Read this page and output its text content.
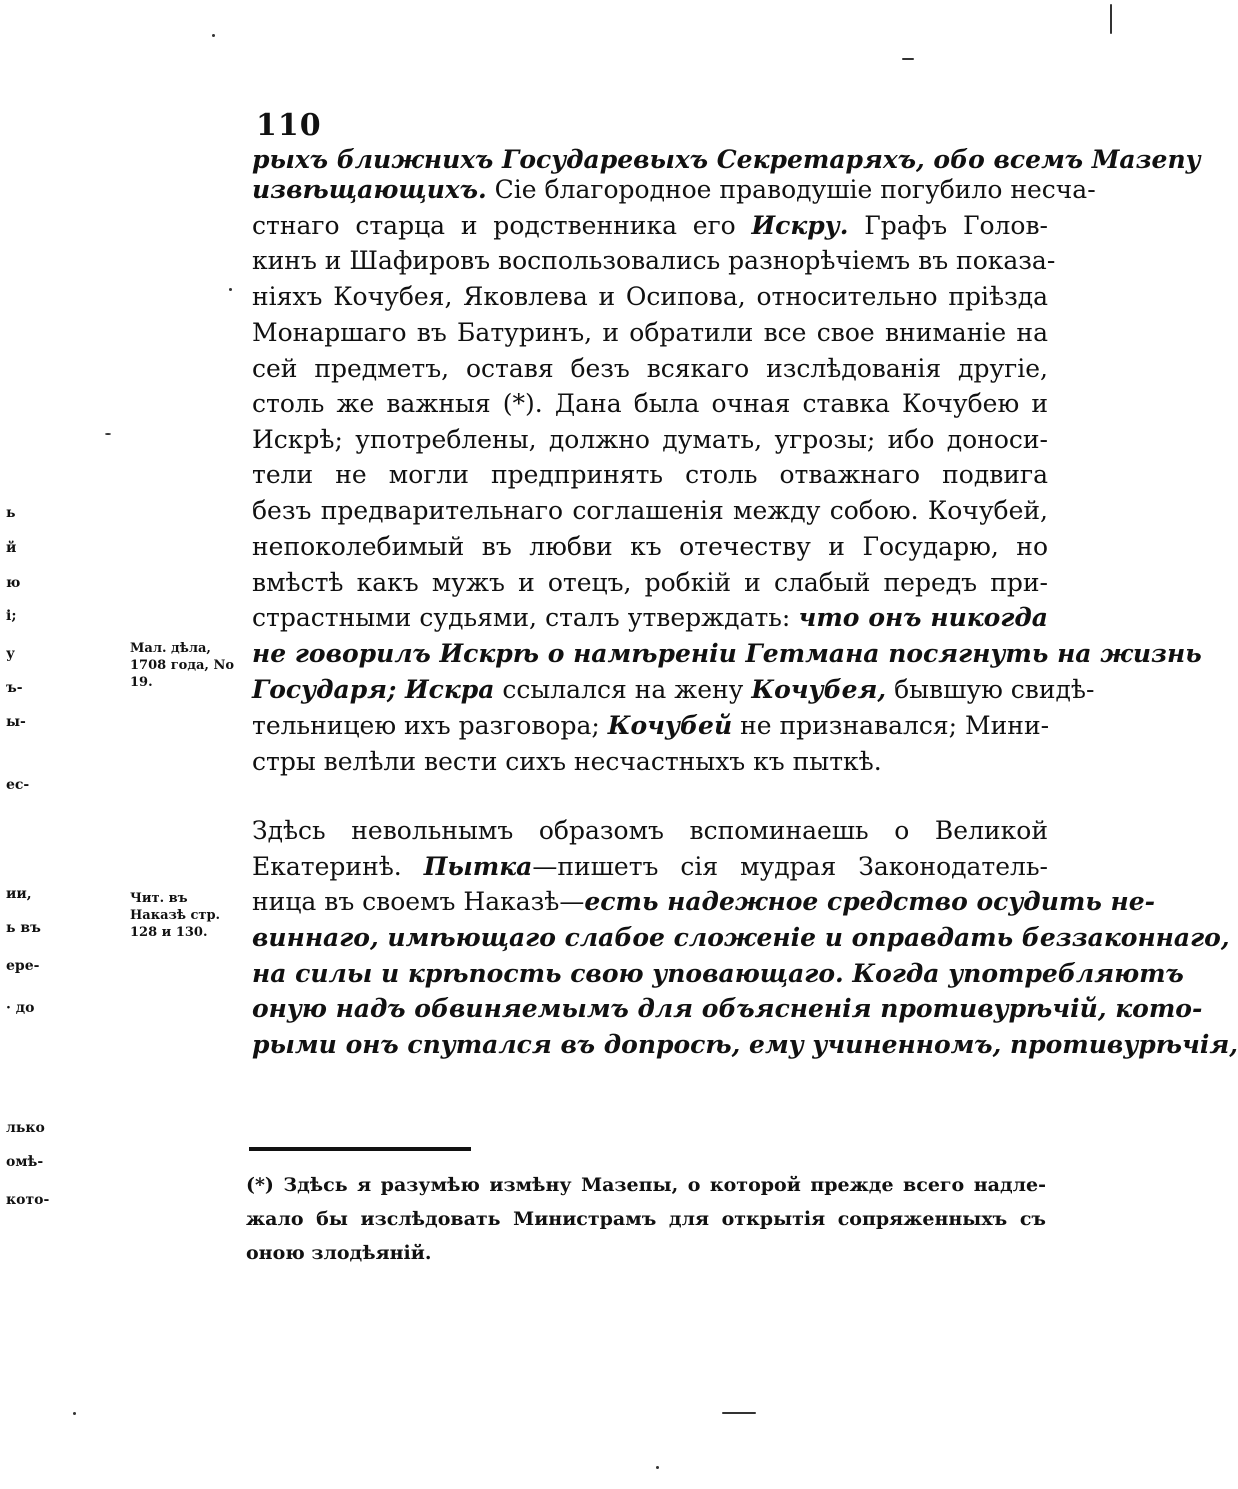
110
рыхъ ближнихъ Государевыхъ Секретаряхъ, обо всемъ Мазепу
извѣщающихъ. Сіе благородное праводушіе погубило несча-
стнаго старца и родственника его Искру. Графъ Голов-
кинъ и Шафировъ воспользовались разнорѣчіемъ въ показа-
ніяхъ Кочубея, Яковлева и Осипова, относительно пріѣзда
Монаршаго въ Батуринъ, и обратили все свое вниманіе на
сей предметъ, оставя безъ всякаго изслѣдованія другіе,
столь же важныя (*). Дана была очная ставка Кочубею и
Искрѣ; употреблены, должно думать, угрозы; ибо доноси-
тели не могли предпринять столь отважнаго подвига
безъ предварительнаго соглашенія между собою. Кочубей,
непоколебимый въ любви къ отечеству и Государю, но
вмѣстѣ какъ мужъ и отецъ, робкій и слабый передъ при-
страстными судьями, сталъ утверждать: что онъ никогда
не говорилъ Искрѣ о намѣреніи Гетмана посягнуть на жизнь
Государя; Искра ссылался на жену Кочубея, бывшую свидѣ-
тельницею ихъ разговора; Кочубей не признавался; Мини-
стры велѣли вести сихъ несчастныхъ къ пыткѣ.
Здѣсь невольнымъ образомъ вспоминаешь о Великой
Екатеринѣ. Пытка—пишетъ сія мудрая Законодатель-
ница въ своемъ Наказѣ—есть надежное средство осудить не-
виннаго, имѣющаго слабое сложеніе и оправдать беззаконнаго,
на силы и крѣпость свою уповающаго. Когда употребляютъ
оную надъ обвиняемымъ для объясненія противурѣчій, кото-
рыми онъ спутался въ допросѣ, ему учиненномъ, противурѣчія,
Мал. дѣла, 1708 года, No 19.
Чит. въ Наказѣ стр. 128 и 130.
ь
й
ю
і;
у
ъ-
ы-
ес-
ии,
ь въ
ере-
· до
лько
омѣ-
кото-
(*) Здѣсь я разумѣю измѣну Мазепы, о которой прежде всего надле-
жало бы изслѣдовать Министрамъ для открытія сопряженныхъ съ
оною злодѣяній.
